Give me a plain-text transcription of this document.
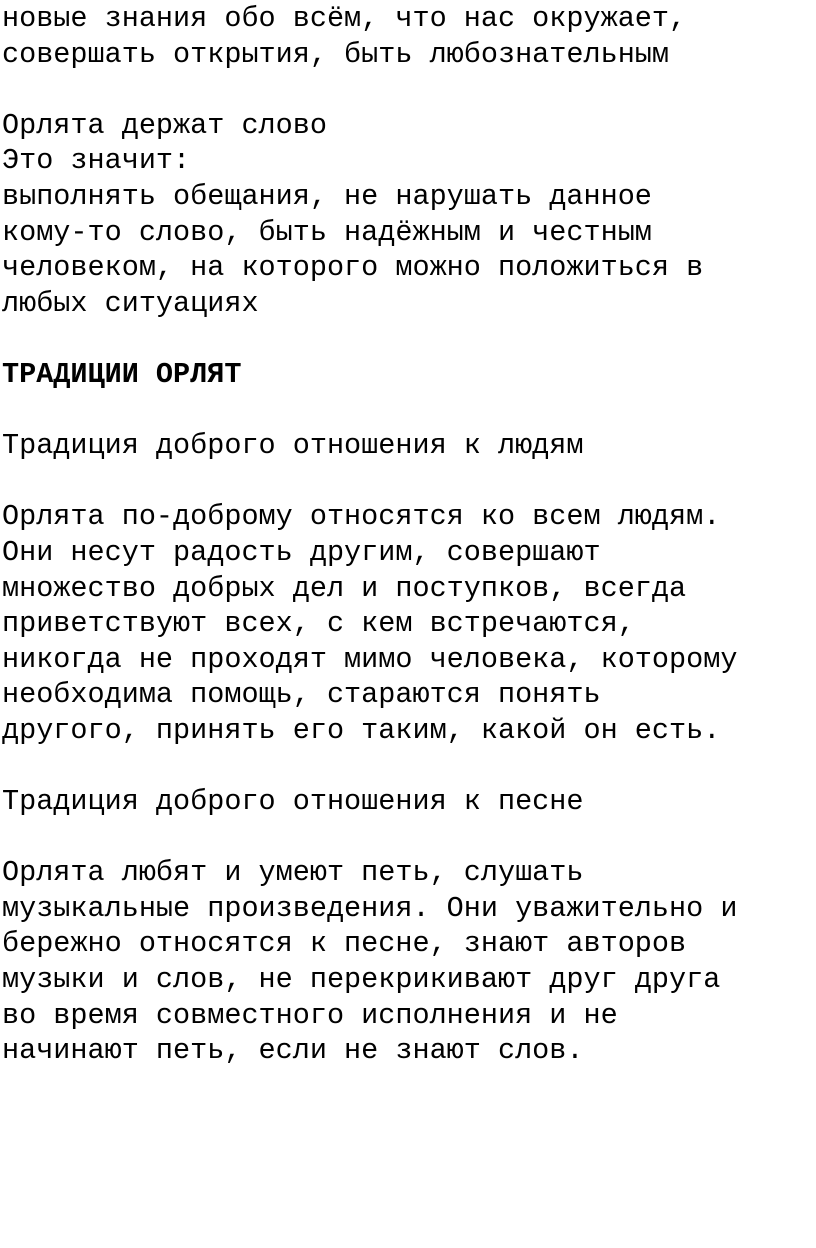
новые знания обо всём, что нас окружает,
совершать открытия, быть любознательным
Орлята держат слово
Это значит:
выполнять обещания, не нарушать данное
кому-то слово, быть надёжным и честным
человеком, на которого можно положиться в
любых ситуациях
ТРАДИЦИИ ОРЛЯТ
Традиция доброго отношения к людям
Орлята по-доброму относятся ко всем людям.
Они несут радость другим, совершают
множество добрых дел и поступков, всегда
приветствуют всех, с кем встречаются,
никогда не проходят мимо человека, которому
необходима помощь, стараются понять
другого, принять его таким, какой он есть.
Традиция доброго отношения к песне
Орлята любят и умеют петь, слушать
музыкальные произведения. Они уважительно и
бережно относятся к песне, знают авторов
музыки и слов, не перекрикивают друг друга
во время совместного исполнения и не
начинают петь, если не знают слов.
